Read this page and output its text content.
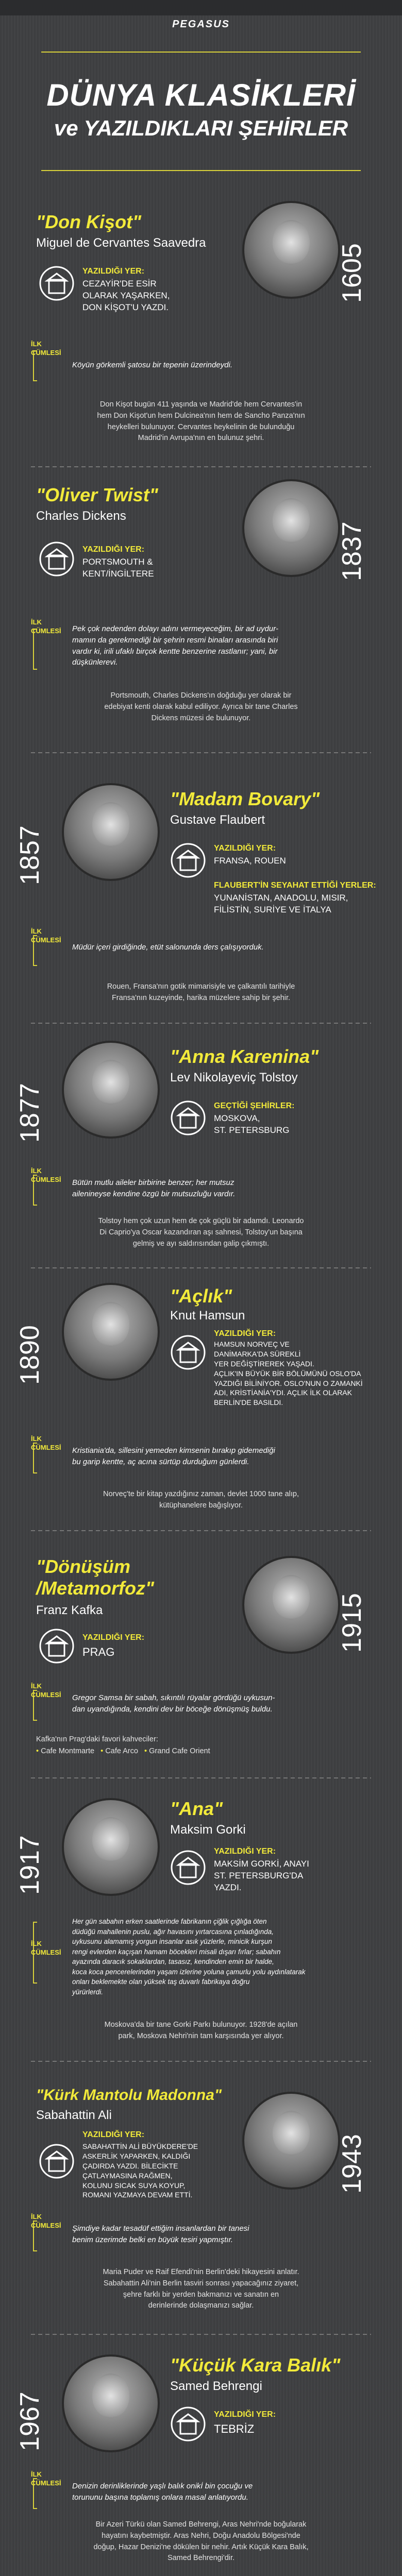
PEGASUS
DÜNYA KLASİKLERİ
ve YAZILDIKLARI ŞEHİRLER
"Don Kişot"
Miguel de Cervantes Saavedra
1605
YAZILDIĞI YER:
CEZAYİR'DE ESİR
OLARAK YAŞARKEN,
DON KİŞOT'U YAZDI.
İLK
CÜMLESİ
Köyün görkemli şatosu bir tepenin üzerindeydi.
Don Kişot bugün 411 yaşında ve Madrid'de hem Cervantes'in
hem Don Kişot'un hem Dulcinea'nın hem de Sancho Panza'nın
heykelleri bulunuyor. Cervantes heykelinin de bulunduğu
Madrid'in Avrupa'nın en bulunuz şehri.
"Oliver Twist"
Charles Dickens
1837
YAZILDIĞI YER:
PORTSMOUTH &
KENT/İNGİLTERE
İLK
CÜMLESİ Pek çok nedenden dolayı adını vermeyeceğim, bir ad uydur-
mamın da gerekmediği bir şehrin resmi binaları arasında biri
vardır ki, irili ufaklı birçok kentte benzerine rastlanır; yani, bir
düşkünlerevi.
Portsmouth, Charles Dickens'ın doğduğu yer olarak bir
edebiyat kenti olarak kabul ediliyor. Ayrıca bir tane Charles
Dickens müzesi de bulunuyor.
1857
"Madam Bovary"
Gustave Flaubert
YAZILDIĞI YER:
FRANSA, ROUEN
FLAUBERT'İN SEYAHAT ETTİĞİ YERLER:
YUNANİSTAN, ANADOLU, MISIR,
FİLİSTİN, SURİYE VE İTALYA
İLK
CÜMLESİ
Müdür içeri girdiğinde, etüt salonunda ders çalışıyorduk.
Rouen, Fransa'nın gotik mimarisiyle ve çalkantılı tarihiyle
Fransa'nın kuzeyinde, harika müzelere sahip bir şehir.
1877
"Anna Karenina"
Lev Nikolayeviç Tolstoy
GEÇTİĞİ ŞEHİRLER:
MOSKOVA,
ST. PETERSBURG
İLK
CÜMLESİ Bütün mutlu aileler birbirine benzer; her mutsuz
ailenineyse kendine özgü bir mutsuzluğu vardır.
Tolstoy hem çok uzun hem de çok güçlü bir adamdı. Leonardo
Di Caprio'ya Oscar kazandıran aşı sahnesi, Tolstoy'un başına
gelmiş ve ayı saldırısından galip çıkmıştı.
1890
"Açlık"
Knut Hamsun
YAZILDIĞI YER:
HAMSUN NORVEÇ VE
DANİMARKA'DA SÜREKLİ
YER DEĞİŞTİREREK YAŞADI.
AÇLIK'IN BÜYÜK BİR BÖLÜMÜNÜ OSLO'DA
YAZDIĞI BİLİNİYOR. OSLO'NUN O ZAMANKİ
ADI, KRİSTİANİA'YDI. AÇLIK İLK OLARAK
BERLİN'DE BASILDI.
İLK
CÜMLESİ Kristiania'da, sillesini yemeden kimsenin bırakıp gidemediği
bu garip kentte, aç acına sürtüp durduğum günlerdi.
Norveç'te bir kitap yazdığınız zaman, devlet 1000 tane alıp,
kütüphanelere bağışlıyor.
"Dönüşüm
/Metamorfoz"
Franz Kafka	1915
YAZILDIĞI YER:
PRAG
İLK
CÜMLESİ Gregor Samsa bir sabah, sıkıntılı rüyalar gördüğü uykusun-
dan uyandığında, kendini dev bir böceğe dönüşmüş buldu.
Kafka'nın Prag'daki favori kahveciler:
• Cafe Montmarte • Cafe Arco • Grand Cafe Orient
1917
"Ana"
Maksim Gorki
YAZILDIĞI YER:
MAKSİM GORKİ, ANAYI
ST. PETERSBURG'DA
YAZDI.
İLK
CÜMLESİ
Her gün sabahın erken saatlerinde fabrikanın çiğlik çığlığa öten
düdüğü mahallenin puslu, ağır havasını yırtarcasına çınladığında,
uykusunu alamamış yorgun insanlar asık yüzlerle, minicik kurşun
rengi evlerden kaçışan hamam böcekleri misali dışarı fırlar; sabahın
ayazında daracık sokaklardan, tasasız, kendinden emin bir halde,
koca koca pencerelerinden yaşam izlerine yoluna çamurlu yolu aydınlatarak
onları beklemekte olan yüksek taş duvarlı fabrikaya doğru
yürürlerdi.
Moskova'da bir tane Gorki Parkı bulunuyor. 1928'de açılan
park, Moskova Nehri'nin tam karşısında yer alıyor.
"Kürk Mantolu Madonna"
Sabahattin Ali
1943
YAZILDIĞI YER:
SABAHATTİN ALİ BÜYÜKDERE'DE
ASKERLİK YAPARKEN, KALDIĞI
ÇADIRDA YAZDI. BİLECİKTE
ÇATLAYMASINA RAĞMEN,
KOLUNU SICAK SUYA KOYUP,
ROMANI YAZMAYA DEVAM ETTİ.
İLK
CÜMLESİ Şimdiye kadar tesadüf ettiğim insanlardan bir tanesi
benim üzerimde belki en büyük tesiri yapmıştır.
Maria Puder ve Raif Efendi'nin Berlin'deki hikayesini anlatır.
Sabahattin Ali'nin Berlin tasviri sonrası yapacağınız ziyaret,
şehre farklı bir yerden bakmanızı ve sanatın en
derinlerinde dolaşmanızı sağlar.
1967
"Küçük Kara Balık"
Samed Behrengi
YAZILDIĞI YER:
TEBRİZ
İLK
CÜMLESİ Denizin derinliklerinde yaşlı balık onikİ bin çocuğu ve
torununu başına toplamış onlara masal anlatıyordu.
Bir Azeri Türkü olan Samed Behrengi, Aras Nehri'nde boğularak
hayatını kaybetmiştir. Aras Nehri, Doğu Anadolu Bölgesi'nde
doğup, Hazar Denizi'ne dökülen bir nehir. Artık Küçük Kara Balık,
Samed Behrengi'dir.
